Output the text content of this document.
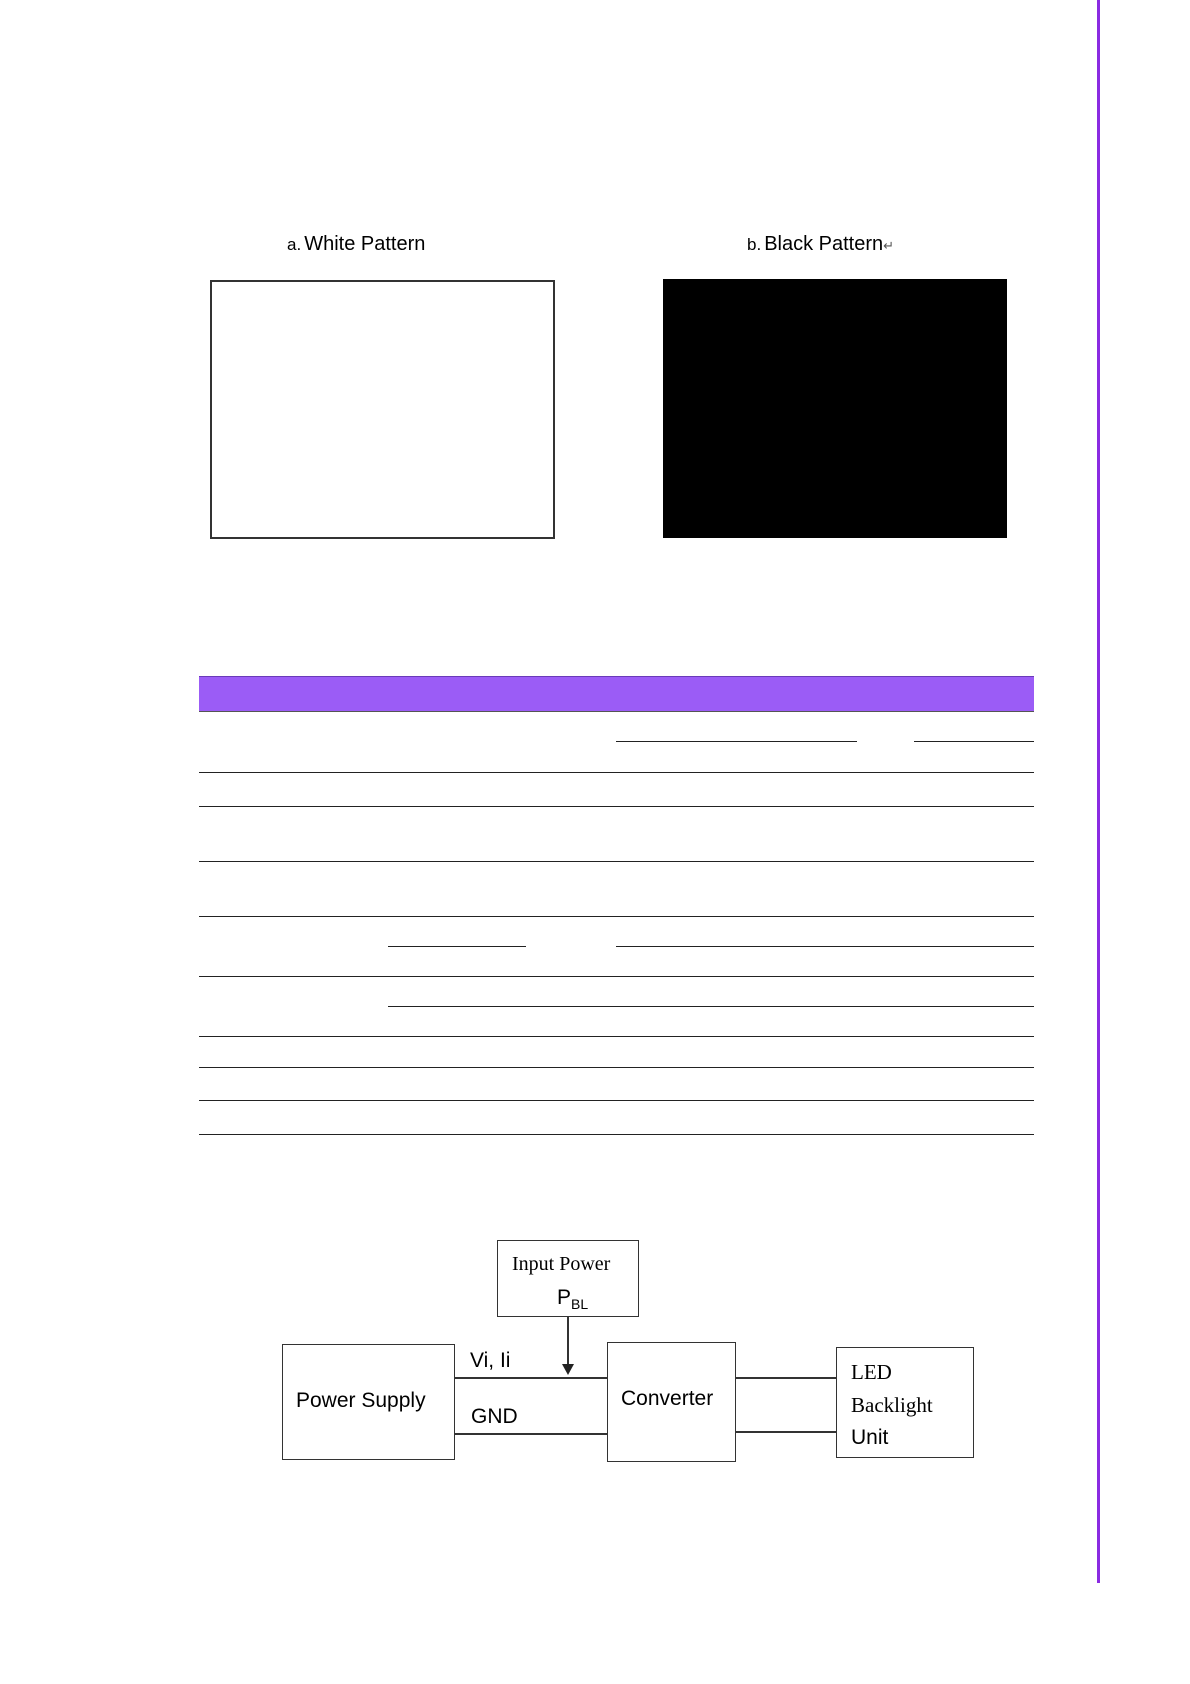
a. White Pattern	b. Black Pattern↵
Input Power
$P_{BL}$
Power Supply
Vi, Ii
GND
Converter
LED
Backlight
Unit
